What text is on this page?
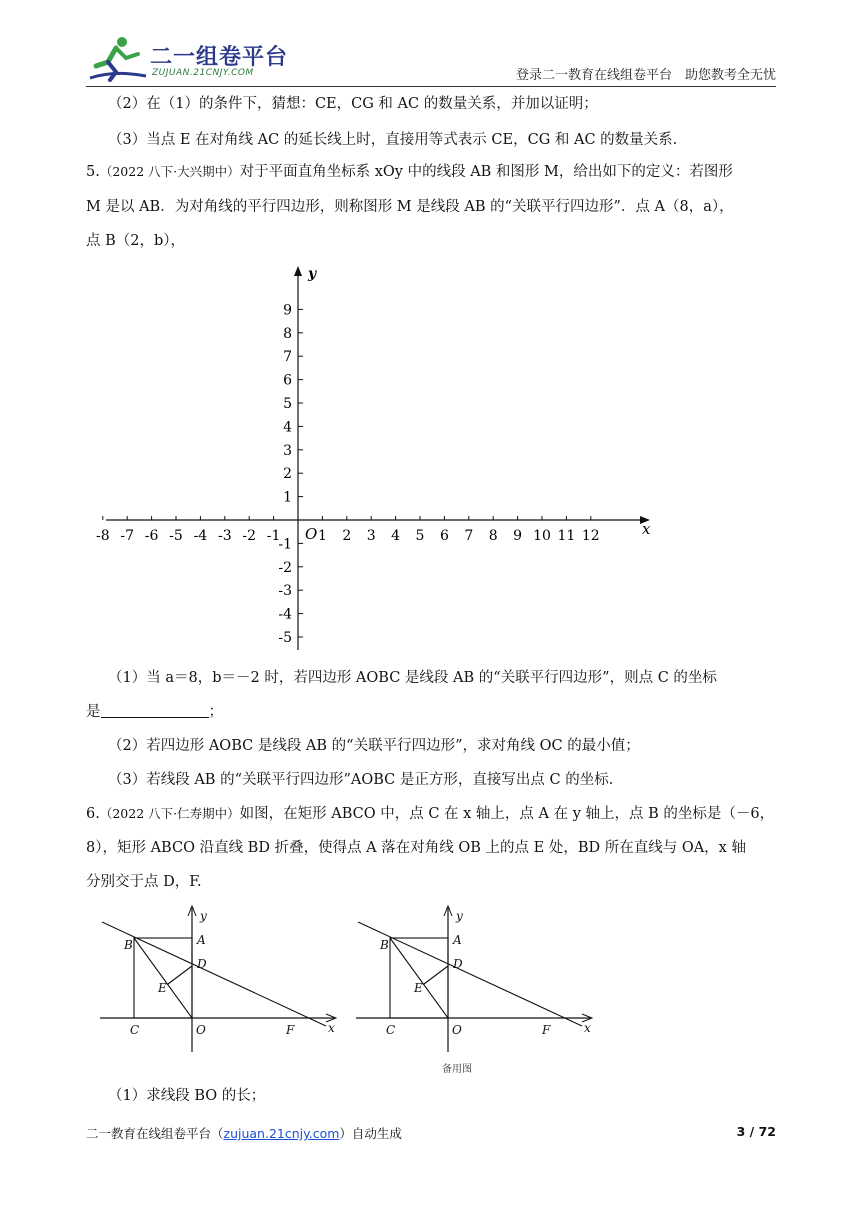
二一组卷平台
ZUJUAN.21CNJY.COM	登录二一教育在线组卷平台　助您教考全无忧
（2）在（1）的条件下，猜想：CE，CG 和 AC 的数量关系，并加以证明；
（3）当点 E 在对角线 AC 的延长线上时，直接用等式表示 CE，CG 和 AC 的数量关系.
5.（2022 八下·大兴期中）对于平面直角坐标系 xOy 中的线段 AB 和图形 M，给出如下的定义：若图形
M 是以 AB．为对角线的平行四边形，则称图形 M 是线段 AB 的“关联平行四边形”．点 A（8，a），
点 B（2，b），
x
y
O
-8 -7 -6 -5 -4 -3 -2 -1	1 2 3 4 5 6 7 8 9 10 11 12
9
8
7
6
5
4
3
2
1
-1
-2
-3
-4
-5
（1）当 a＝8，b＝－2 时，若四边形 AOBC 是线段 AB 的“关联平行四边形”，则点 C 的坐标
是	；
（2）若四边形 AOBC 是线段 AB 的“关联平行四边形”，求对角线 OC 的最小值；
（3）若线段 AB 的“关联平行四边形”AOBC 是正方形，直接写出点 C 的坐标.
6.（2022 八下·仁寿期中）如图，在矩形 ABCO 中，点 C 在 x 轴上，点 A 在 y 轴上，点 B 的坐标是（－6，
8），矩形 ABCO 沿直线 BD 折叠，使得点 A 落在对角线 OB 上的点 E 处，BD 所在直线与 OA，x 轴
分别交于点 D，F.
B	A
D
E
C	O	F	x
y
B	A
D
E
C	O	F	x
y
备用图
（1）求线段 BO 的长；
二一教育在线组卷平台（zujuan.21cnjy.com）自动生成	3 / 72
